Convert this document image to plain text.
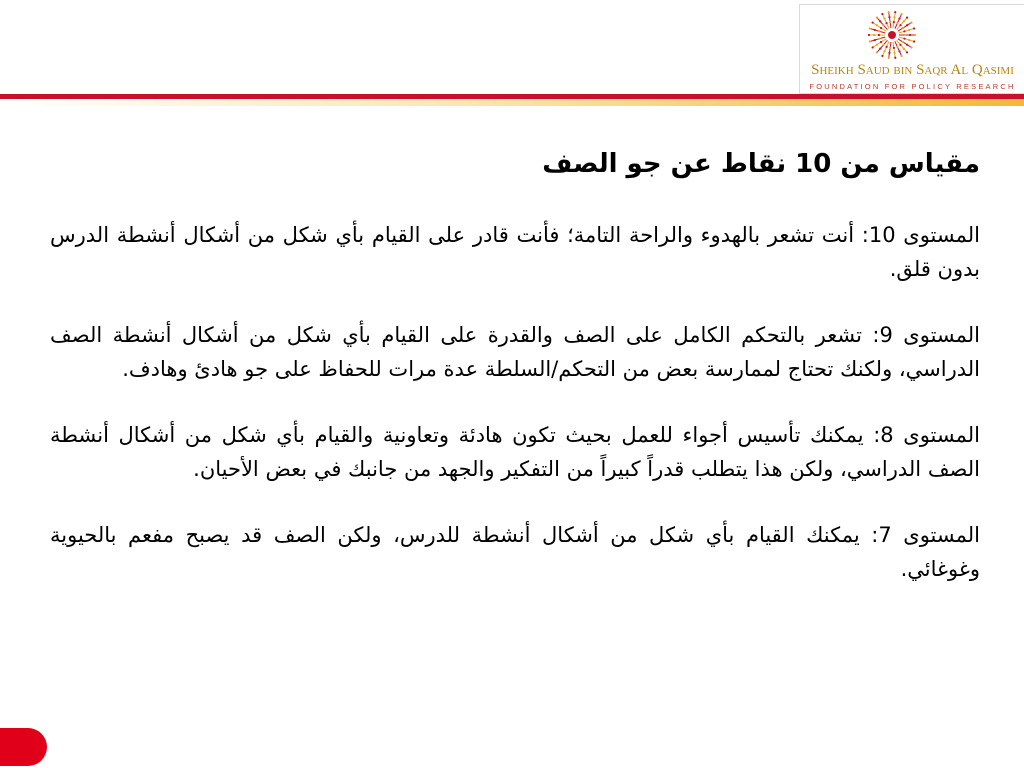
Sheikh Saud bin Saqr Al Qasimi
FOUNDATION FOR POLICY RESEARCH
مقياس من 10 نقاط عن جو الصف

المستوى 10: أنت تشعر بالهدوء والراحة التامة؛ فأنت قادر على القيام بأي شكل من أشكال أنشطة الدرس بدون قلق.

المستوى 9: تشعر بالتحكم الكامل على الصف والقدرة على القيام بأي شكل من أشكال أنشطة الصف الدراسي، ولكنك تحتاج لممارسة بعض من التحكم/السلطة عدة مرات للحفاظ على جو هادئ وهادف.

المستوى 8: يمكنك تأسيس أجواء للعمل بحيث تكون هادئة وتعاونية والقيام بأي شكل من أشكال أنشطة الصف الدراسي، ولكن هذا يتطلب قدراً كبيراً من التفكير والجهد من جانبك في بعض الأحيان.

المستوى 7: يمكنك القيام بأي شكل من أشكال أنشطة للدرس، ولكن الصف قد يصبح مفعم بالحيوية وغوغائي.
